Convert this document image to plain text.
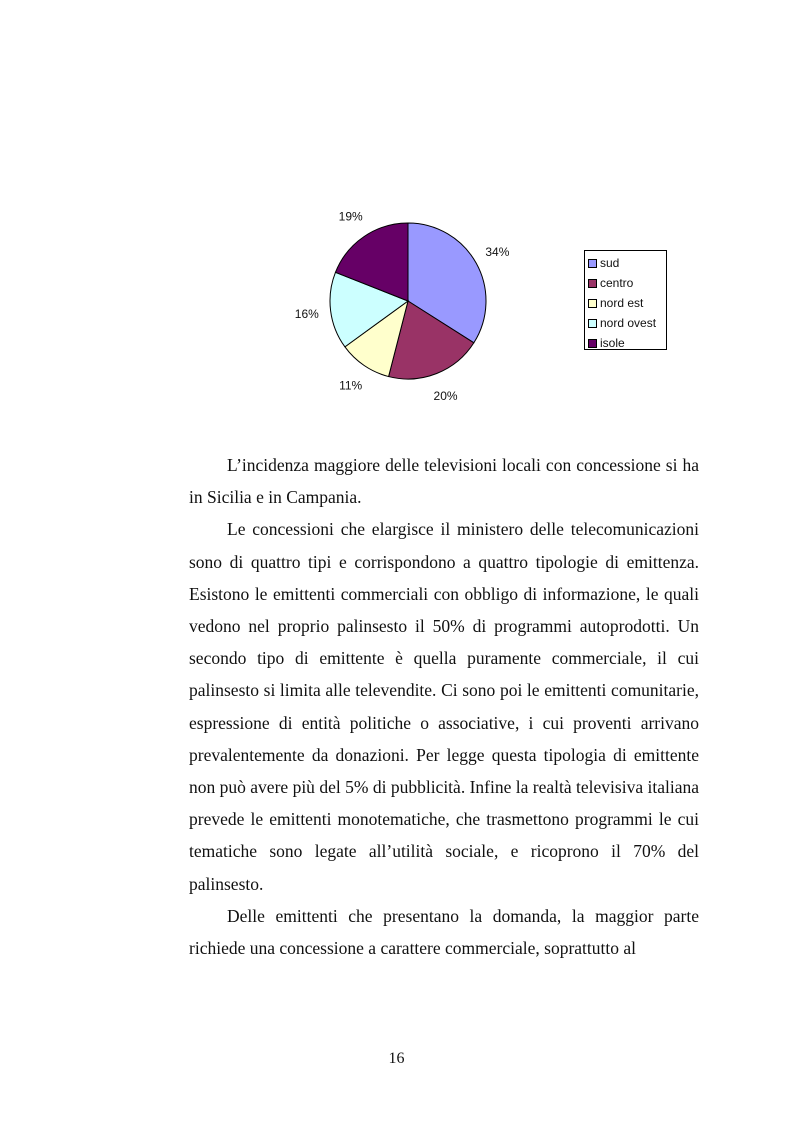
34%
20%
11%
16%
19%
sud
centro
nord est
nord ovest
isole

L’incidenza maggiore delle televisioni locali con concessione si ha in Sicilia e in Campania.

Le concessioni che elargisce il ministero delle telecomunicazioni sono di quattro tipi e corrispondono a quattro tipologie di emittenza. Esistono le emittenti commerciali con obbligo di informazione, le quali vedono nel proprio palinsesto il 50% di programmi autoprodotti. Un secondo tipo di emittente è quella puramente commerciale, il cui palinsesto si limita alle televendite. Ci sono poi le emittenti comunitarie, espressione di entità politiche o associative, i cui proventi arrivano prevalentemente da donazioni. Per legge questa tipologia di emittente non può avere più del 5% di pubblicità. Infine la realtà televisiva italiana prevede le emittenti monotematiche, che trasmettono programmi le cui tematiche sono legate all’utilità sociale, e ricoprono il 70% del palinsesto.

Delle emittenti che presentano la domanda, la maggior parte richiede una concessione a carattere commerciale, soprattutto al

16
